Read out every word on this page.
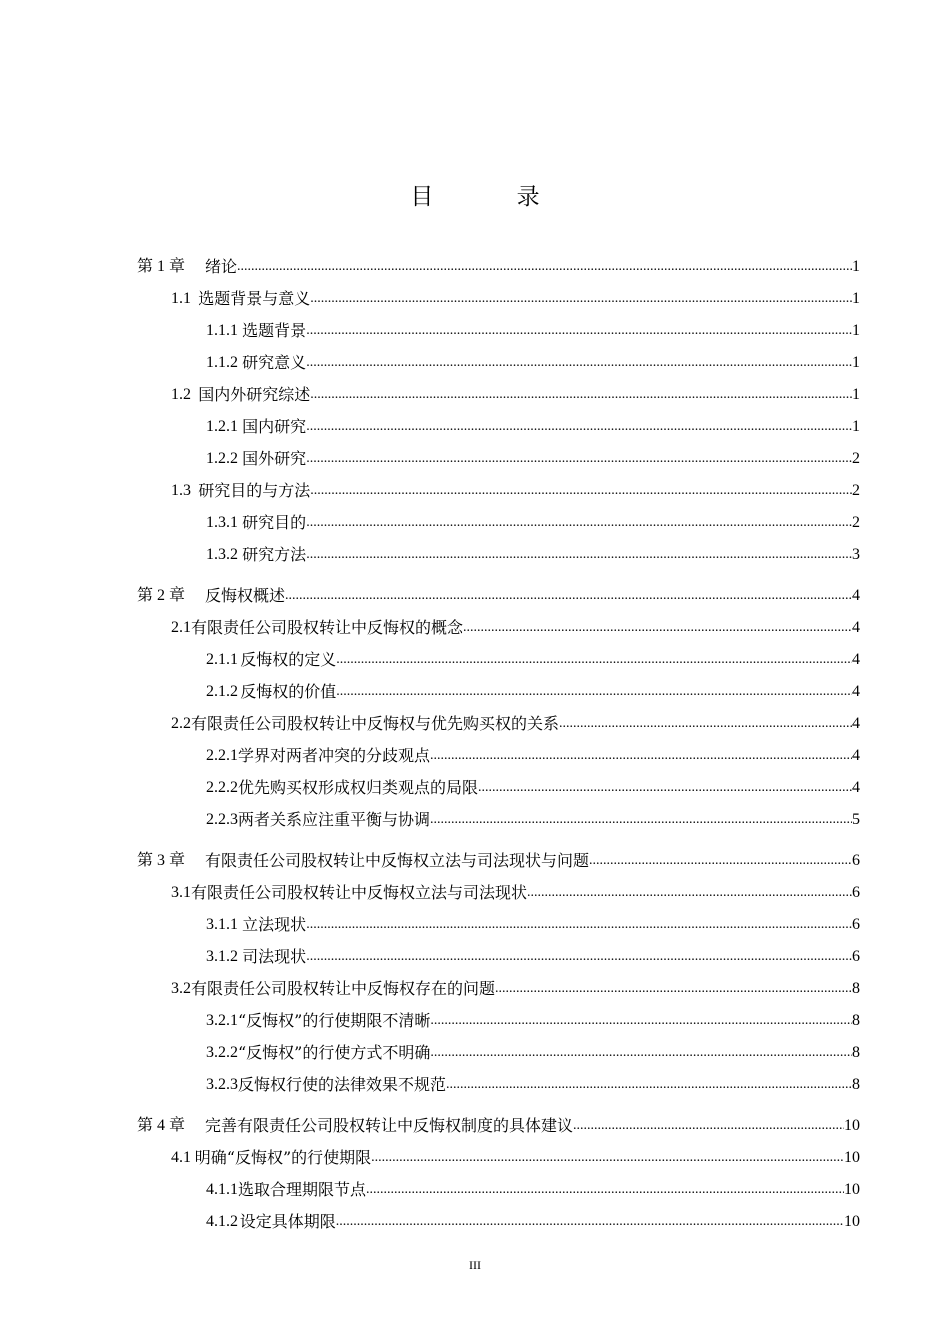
目 录
第 1 章 绪论 .....	1
1.1 选题背景与意义 .....	1
1.1.1 选题背景 .....	1
1.1.2 研究意义 .....	1
1.2 国内外研究综述 .....	1
1.2.1 国内研究 .....	1
1.2.2 国外研究 .....	2
1.3 研究目的与方法 .....	2
1.3.1 研究目的 .....	2
1.3.2 研究方法 .....	3
第 2 章 反悔权概述 .....	4
2.1 有限责任公司股权转让中反悔权的概念 .....	4
2.1.1 反悔权的定义 .....	4
2.1.2 反悔权的价值 .....	4
2.2 有限责任公司股权转让中反悔权与优先购买权的关系 .....	4
2.2.1 学界对两者冲突的分歧观点 .....	4
2.2.2 优先购买权形成权归类观点的局限 .....	4
2.2.3 两者关系应注重平衡与协调 .....	5
第 3 章 有限责任公司股权转让中反悔权立法与司法现状与问题 .....	6
3.1 有限责任公司股权转让中反悔权立法与司法现状 .....	6
3.1.1 立法现状 .....	6
3.1.2 司法现状 .....	6
3.2 有限责任公司股权转让中反悔权存在的问题 .....	8
3.2.1 “反悔权”的行使期限不清晰 .....	8
3.2.2 “反悔权”的行使方式不明确 .....	8
3.2.3 反悔权行使的法律效果不规范 .....	8
第 4 章 完善有限责任公司股权转让中反悔权制度的具体建议 .....	10
4.1 明确“反悔权”的行使期限 .....	10
4.1.1 选取合理期限节点 .....	10
4.1.2 设定具体期限 .....	10
III
